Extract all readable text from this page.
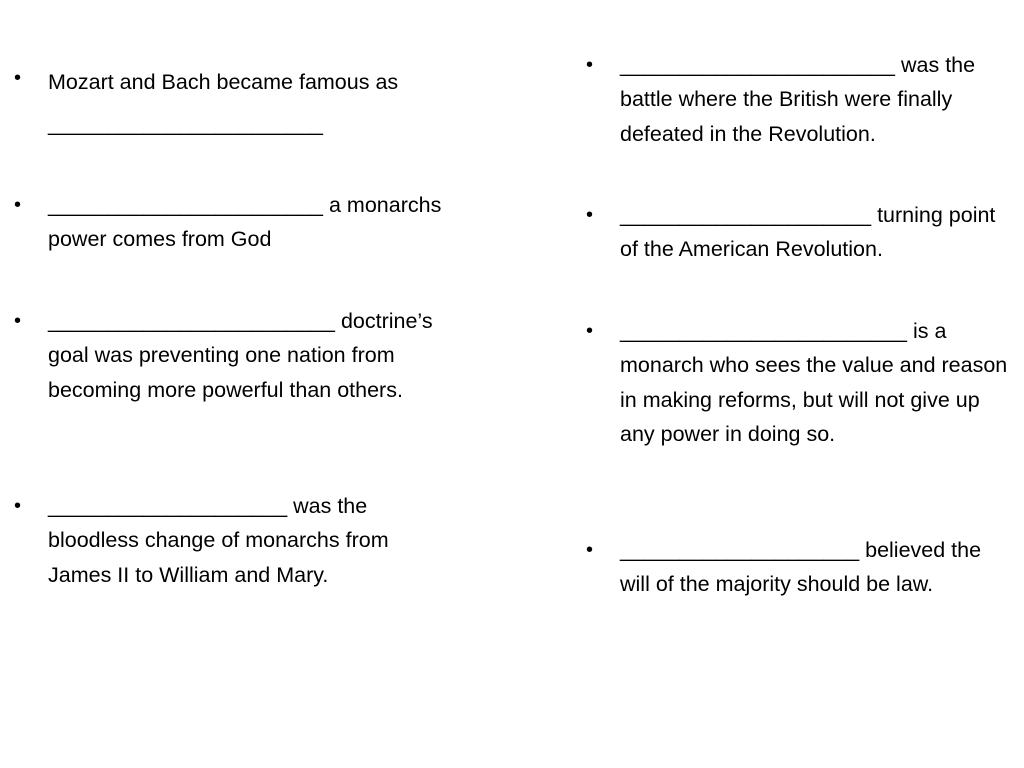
•	Mozart and Bach became famous as _______________________
•	_______________________ a monarchs power comes from God
•	________________________ doctrine’s goal was preventing one nation from becoming more powerful than others.
•	____________________ was the bloodless change of monarchs from James II to William and Mary.
•	_______________________ was the battle where the British were finally defeated in the Revolution.
•	_____________________ turning point of the American Revolution.
•	________________________ is a monarch who sees the value and reason in making reforms, but will not give up any power in doing so.
•	____________________ believed the will of the majority should be law.
